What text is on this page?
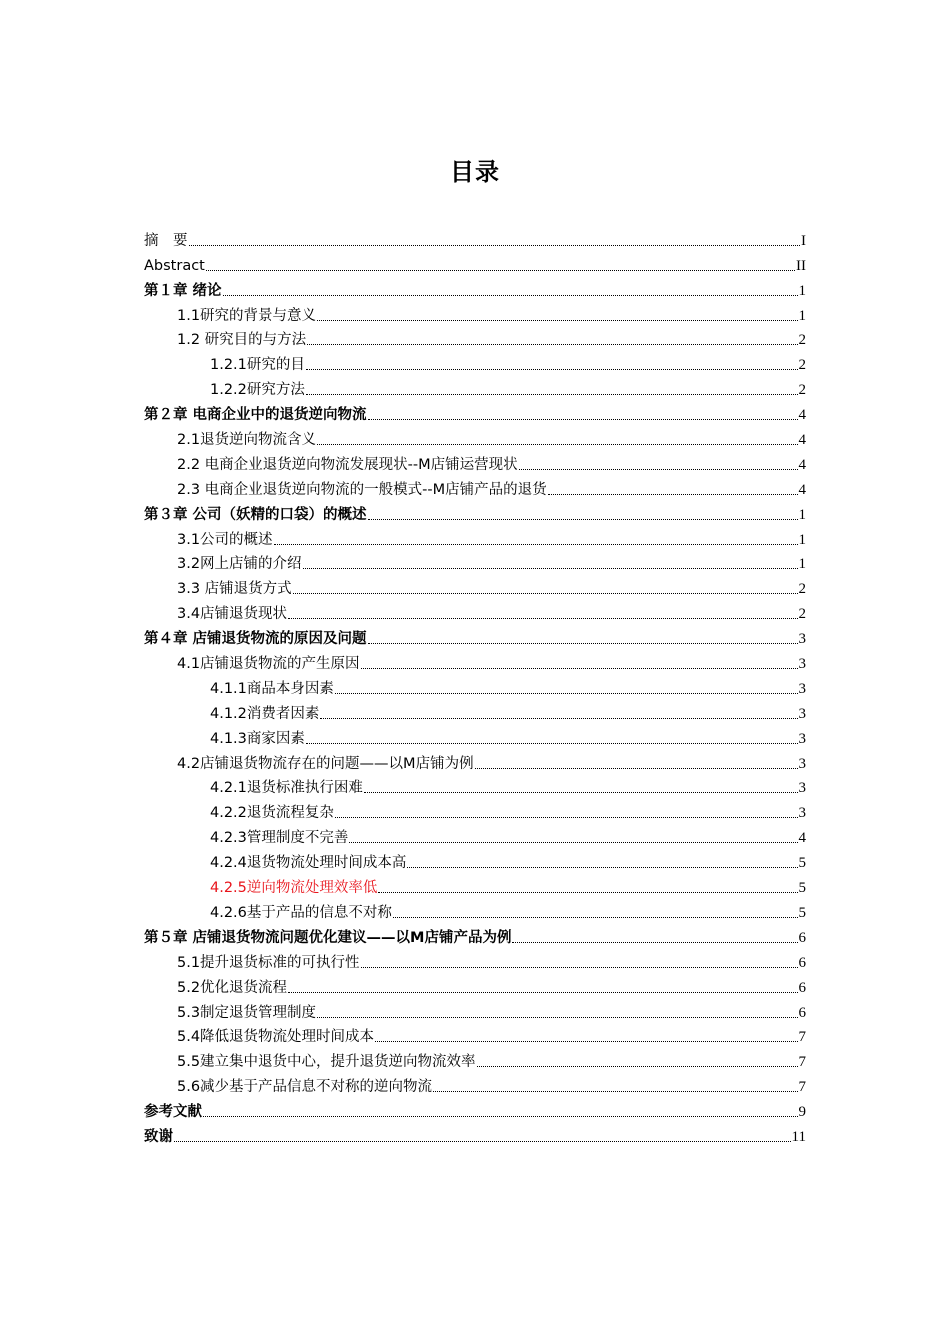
目录
摘　要	I
Abstract	II
第１章 绪论	1
1.1研究的背景与意义	1
1.2 研究目的与方法	2
1.2.1研究的目	2
1.2.2研究方法	2
第２章 电商企业中的退货逆向物流	4
2.1退货逆向物流含义	4
2.2 电商企业退货逆向物流发展现状--M店铺运营现状	4
2.3 电商企业退货逆向物流的一般模式--M店铺产品的退货	4
第３章 公司（妖精的口袋）的概述	1
3.1公司的概述	1
3.2网上店铺的介绍	1
3.3 店铺退货方式	2
3.4店铺退货现状	2
第４章 店铺退货物流的原因及问题	3
4.1店铺退货物流的产生原因	3
4.1.1商品本身因素	3
4.1.2消费者因素	3
4.1.3商家因素	3
4.2店铺退货物流存在的问题——以M店铺为例	3
4.2.1退货标准执行困难	3
4.2.2退货流程复杂	3
4.2.3管理制度不完善	4
4.2.4退货物流处理时间成本高	5
4.2.5逆向物流处理效率低	5
4.2.6基于产品的信息不对称	5
第５章 店铺退货物流问题优化建议——以M店铺产品为例	6
5.1提升退货标准的可执行性	6
5.2优化退货流程	6
5.3制定退货管理制度	6
5.4降低退货物流处理时间成本	7
5.5建立集中退货中心，提升退货逆向物流效率	7
5.6减少基于产品信息不对称的逆向物流	7
参考文献	9
致谢	11
